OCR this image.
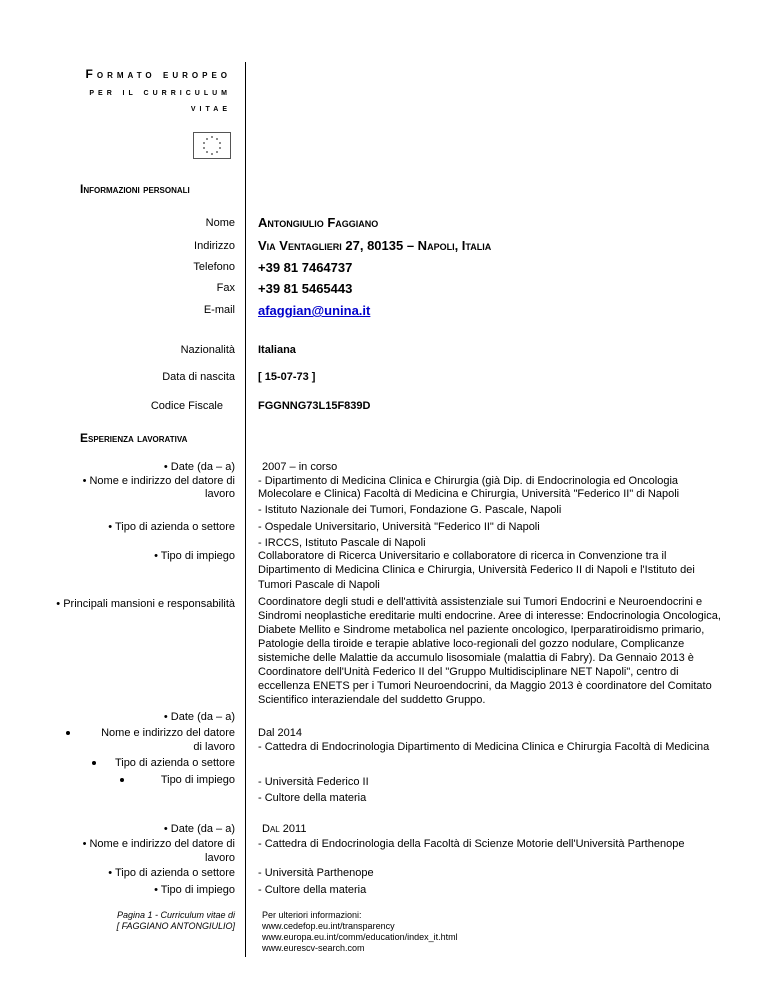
Formato europeo
per il curriculum
vitae
Informazioni personali
Nome Antongiulio Faggiano
Indirizzo Via Ventaglieri 27, 80135 – Napoli, Italia
Telefono +39 81 7464737
Fax +39 81 5465443
E-mail afaggian@unina.it
Nazionalità Italiana
Data di nascita [ 15-07-73 ]
Codice Fiscale	FGGNNG73L15F839D
Esperienza lavorativa
• Date (da – a)
• Nome e indirizzo del datore di
lavoro
• Tipo di azienda o settore
• Tipo di impiego
• Principali mansioni e responsabilità
2007 – in corso
- Dipartimento di Medicina Clinica e Chirurgia (già Dip. di Endocrinologia ed Oncologia
Molecolare e Clinica) Facoltà di Medicina e Chirurgia, Università "Federico II" di Napoli
- Istituto Nazionale dei Tumori, Fondazione G. Pascale, Napoli
- Ospedale Universitario, Università "Federico II" di Napoli
- IRCCS, Istituto Pascale di Napoli
Collaboratore di Ricerca Universitario e collaboratore di ricerca in Convenzione tra il
Dipartimento di Medicina Clinica e Chirurgia, Università Federico II di Napoli e l'Istituto dei
Tumori Pascale di Napoli
Coordinatore degli studi e dell'attività assistenziale sui Tumori Endocrini e Neuroendocrini e
Sindromi neoplastiche ereditarie multi endocrine. Aree di interesse: Endocrinologia Oncologica,
Diabete Mellito e Sindrome metabolica nel paziente oncologico, Iperparatiroidismo primario,
Patologie della tiroide e terapie ablative loco-regionali del gozzo nodulare, Complicanze
sistemiche delle Malattie da accumulo lisosomiale (malattia di Fabry). Da Gennaio 2013 è
Coordinatore dell'Unità Federico II del "Gruppo Multidisciplinare NET Napoli", centro di
eccellenza ENETS per i Tumori Neuroendocrini, da Maggio 2013 è coordinatore del Comitato
Scientifico interaziendale del suddetto Gruppo.
• Date (da – a)
Nome e indirizzo del datore
di lavoro
Tipo di azienda o settore
Tipo di impiego
Dal 2014
- Cattedra di Endocrinologia Dipartimento di Medicina Clinica e Chirurgia Facoltà di Medicina
- Università Federico II
- Cultore della materia
• Date (da – a)
• Nome e indirizzo del datore di
lavoro
• Tipo di azienda o settore
• Tipo di impiego
Dal 2011
- Cattedra di Endocrinologia della Facoltà di Scienze Motorie dell'Università Parthenope
- Università Parthenope
- Cultore della materia
Pagina 1 - Curriculum vitae di
[ FAGGIANO ANTONGIULIO]
Per ulteriori informazioni:
www.cedefop.eu.int/transparency
www.europa.eu.int/comm/education/index_it.html
www.eurescv-search.com
